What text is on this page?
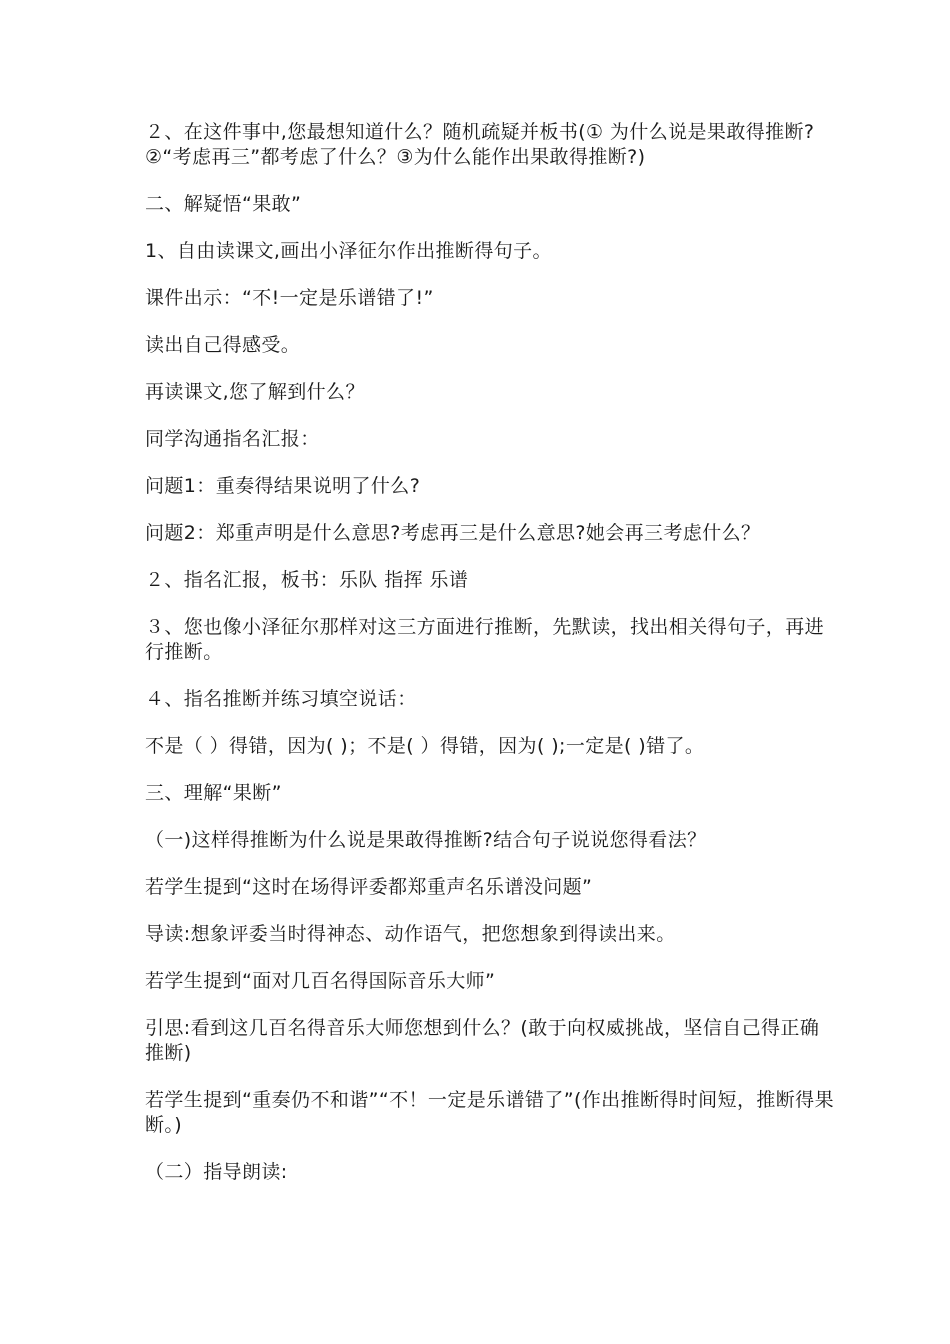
２、在这件事中,您最想知道什么？随机疏疑并板书(① 为什么说是果敢得推断?②“考虑再三”都考虑了什么？③为什么能作出果敢得推断?)

二、解疑悟“果敢”

1、自由读课文,画出小泽征尔作出推断得句子。

课件出示：“不!一定是乐谱错了!”

读出自己得感受。

再读课文,您了解到什么？

同学沟通指名汇报：

问题1：重奏得结果说明了什么?

问题2：郑重声明是什么意思?考虑再三是什么意思?她会再三考虑什么？

２、指名汇报，板书：乐队 指挥 乐谱

３、您也像小泽征尔那样对这三方面进行推断，先默读，找出相关得句子，再进行推断。

４、指名推断并练习填空说话：

不是（ ）得错，因为( )；不是( ）得错，因为( );一定是( )错了。

三、理解“果断”

（一)这样得推断为什么说是果敢得推断?结合句子说说您得看法？

若学生提到“这时在场得评委都郑重声名乐谱没问题”

导读:想象评委当时得神态、动作语气，把您想象到得读出来。

若学生提到“面对几百名得国际音乐大师”

引思:看到这几百名得音乐大师您想到什么？(敢于向权威挑战，坚信自己得正确推断)

若学生提到“重奏仍不和谐”“不！一定是乐谱错了”(作出推断得时间短，推断得果断。)

（二）指导朗读:
